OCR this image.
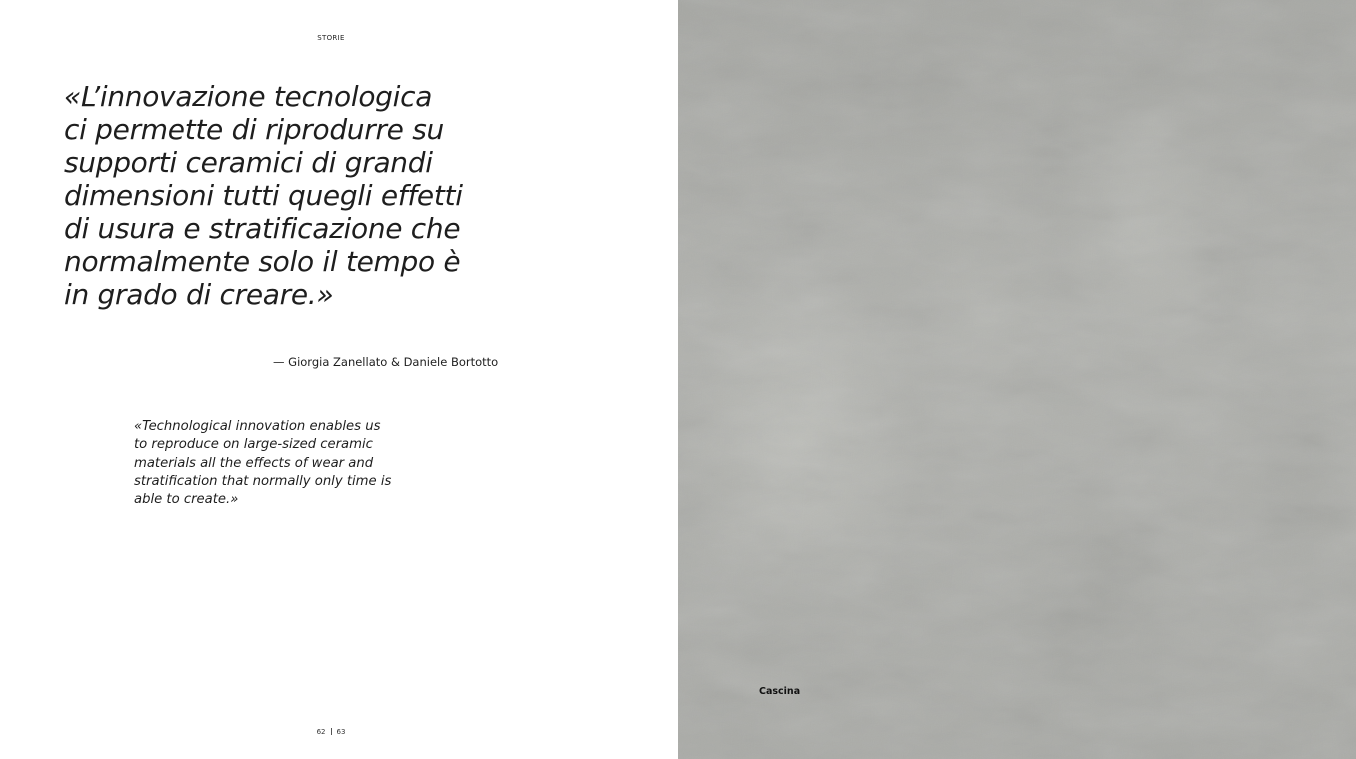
STORIE

«L’innovazione tecnologica
ci permette di riprodurre su
supporti ceramici di grandi
dimensioni tutti quegli effetti
di usura e stratificazione che
normalmente solo il tempo è
in grado di creare.»

— Giorgia Zanellato & Daniele Bortotto

«Technological innovation enables us
to reproduce on large-sized ceramic
materials all the effects of wear and
stratification that normally only time is
able to create.»

62 63
Cascina
